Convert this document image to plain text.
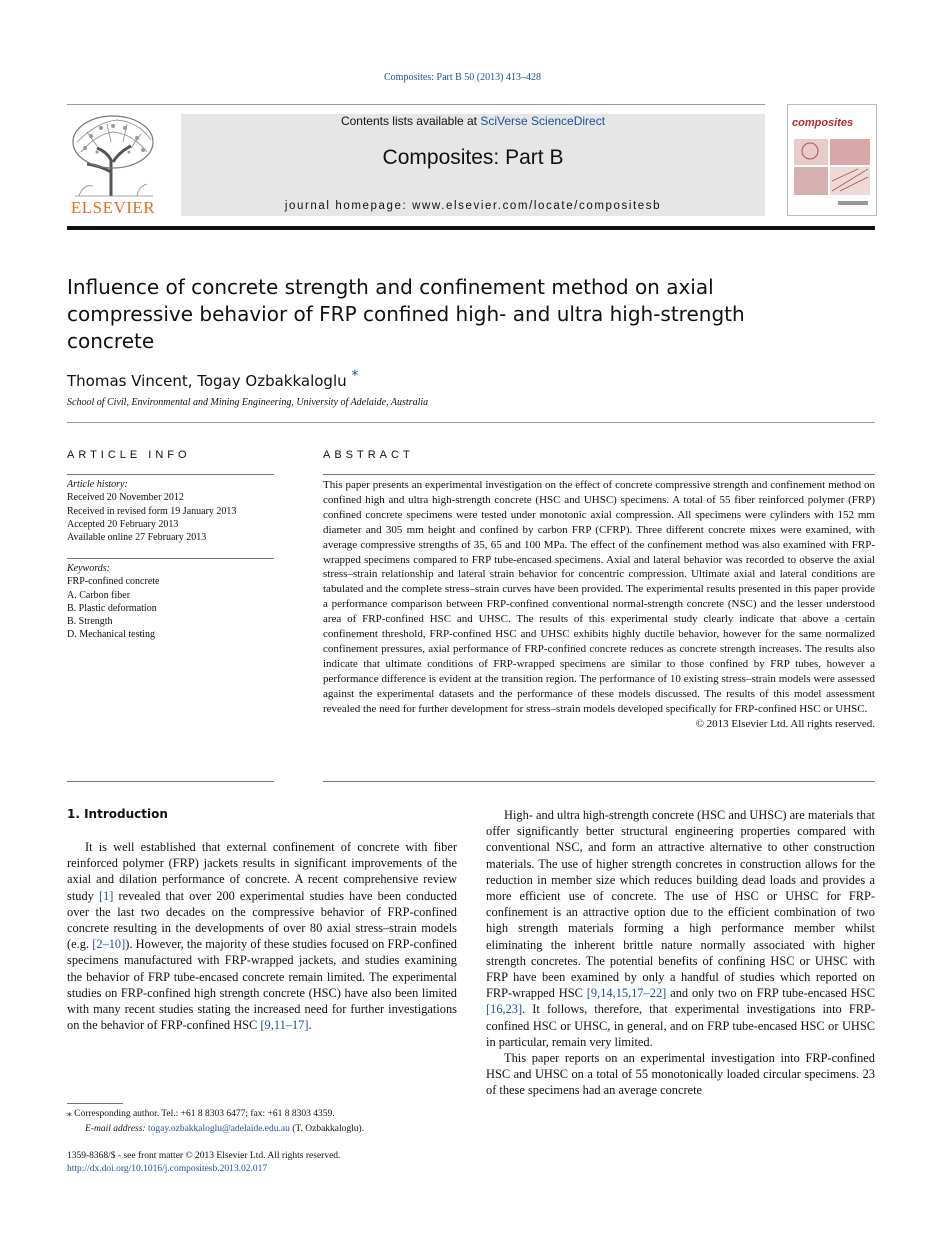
Composites: Part B 50 (2013) 413–428
ELSEVIER
Contents lists available at SciVerse ScienceDirect
Composites: Part B
journal homepage: www.elsevier.com/locate/compositesb
composites
Influence of concrete strength and confinement method on axial compressive behavior of FRP confined high- and ultra high-strength concrete
Thomas Vincent, Togay Ozbakkaloglu *
School of Civil, Environmental and Mining Engineering, University of Adelaide, Australia
ARTICLE INFO	ABSTRACT
Article history:
Received 20 November 2012
Received in revised form 19 January 2013
Accepted 20 February 2013
Available online 27 February 2013
Keywords:
FRP-confined concrete
A. Carbon fiber
B. Plastic deformation
B. Strength
D. Mechanical testing
This paper presents an experimental investigation on the effect of concrete compressive strength and confinement method on confined high and ultra high-strength concrete (HSC and UHSC) specimens. A total of 55 fiber reinforced polymer (FRP) confined concrete specimens were tested under monotonic axial compression. All specimens were cylinders with 152 mm diameter and 305 mm height and confined by carbon FRP (CFRP). Three different concrete mixes were examined, with average compressive strengths of 35, 65 and 100 MPa. The effect of the confinement method was also examined with FRP-wrapped specimens compared to FRP tube-encased specimens. Axial and lateral behavior was recorded to observe the axial stress–strain relationship and lateral strain behavior for concentric compression. Ultimate axial and lateral conditions are tabulated and the complete stress–strain curves have been provided. The experimental results presented in this paper provide a performance comparison between FRP-confined conventional normal-strength concrete (NSC) and the lesser understood area of FRP-confined HSC and UHSC. The results of this experimental study clearly indicate that above a certain confinement threshold, FRP-confined HSC and UHSC exhibits highly ductile behavior, however for the same normalized confinement pressures, axial performance of FRP-confined concrete reduces as concrete strength increases. The results also indicate that ultimate conditions of FRP-wrapped specimens are similar to those confined by FRP tubes, however a performance difference is evident at the transition region. The performance of 10 existing stress–strain models were assessed against the experimental datasets and the performance of these models discussed. The results of this model assessment revealed the need for further development for stress–strain models developed specifically for FRP-confined HSC or UHSC.
© 2013 Elsevier Ltd. All rights reserved.
1. Introduction

It is well established that external confinement of concrete with fiber reinforced polymer (FRP) jackets results in significant improvements of the axial and dilation performance of concrete. A recent comprehensive review study [1] revealed that over 200 experimental studies have been conducted over the last two decades on the compressive behavior of FRP-confined concrete resulting in the developments of over 80 axial stress–strain models (e.g. [2–10]). However, the majority of these studies focused on FRP-confined specimens manufactured with FRP-wrapped jackets, and studies examining the behavior of FRP tube-encased concrete remain limited. The experimental studies on FRP-confined high strength concrete (HSC) have also been limited with many recent studies stating the increased need for further investigations on the behavior of FRP-confined HSC [9,11–17].

High- and ultra high-strength concrete (HSC and UHSC) are materials that offer significantly better structural engineering properties compared with conventional NSC, and form an attractive alternative to other construction materials. The use of higher strength concretes in construction allows for the reduction in member size which reduces building dead loads and provides a more efficient use of concrete. The use of HSC or UHSC for FRP-confinement is an attractive option due to the efficient combination of two high strength materials forming a high performance member whilst eliminating the inherent brittle nature normally associated with higher strength concretes. The potential benefits of confining HSC or UHSC with FRP have been examined by only a handful of studies which reported on FRP-wrapped HSC [9,14,15,17–22] and only two on FRP tube-encased HSC [16,23]. It follows, therefore, that experimental investigations into FRP-confined HSC or UHSC, in general, and on FRP tube-encased HSC or UHSC in particular, remain very limited.

This paper reports on an experimental investigation into FRP-confined HSC and UHSC on a total of 55 monotonically loaded circular specimens. 23 of these specimens had an average concrete

⁎ Corresponding author. Tel.: +61 8 8303 6477; fax: +61 8 8303 4359.
E-mail address: togay.ozbakkaloglu@adelaide.edu.au (T. Ozbakkaloglu).
1359-8368/$ - see front matter © 2013 Elsevier Ltd. All rights reserved.
http://dx.doi.org/10.1016/j.compositesb.2013.02.017
